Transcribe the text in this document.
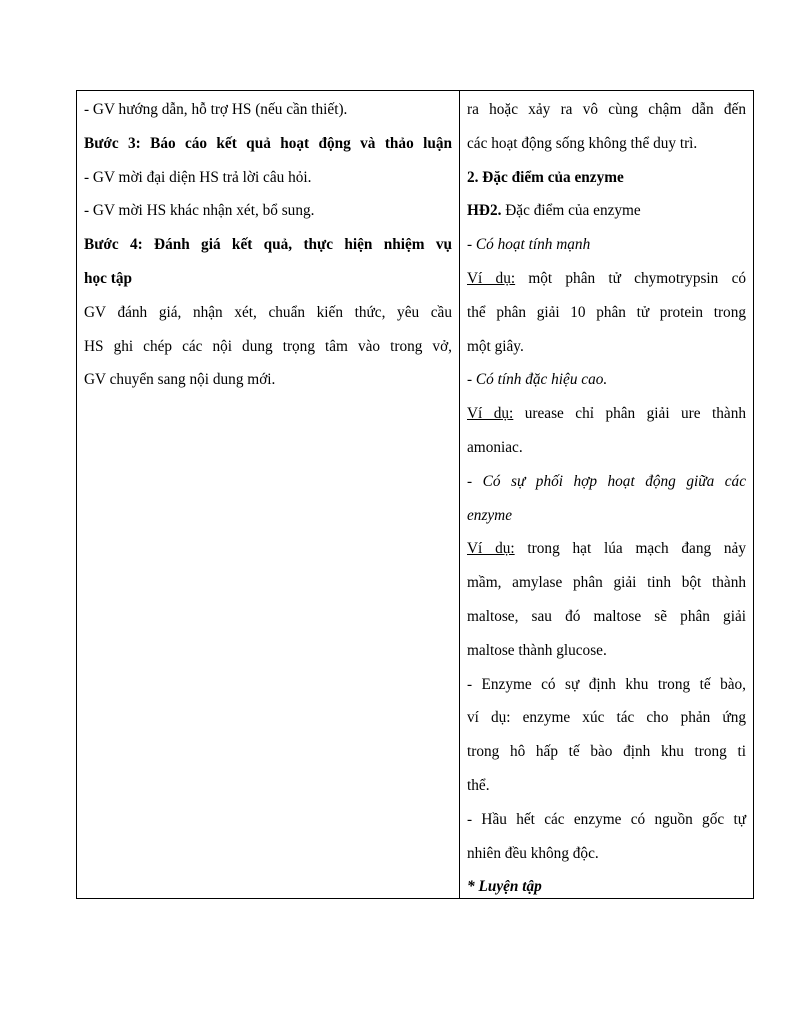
- GV hướng dẫn, hỗ trợ HS (nếu cần thiết).

Bước 3: Báo cáo kết quả hoạt động và thảo luận

- GV mời đại diện HS trả lời câu hỏi.

- GV mời HS khác nhận xét, bổ sung.

Bước 4: Đánh giá kết quả, thực hiện nhiệm vụ

học tập

GV đánh giá, nhận xét, chuẩn kiến thức, yêu cầu

HS ghi chép các nội dung trọng tâm vào trong vở,

GV chuyển sang nội dung mới.

ra hoặc xảy ra vô cùng chậm dẫn đến

các hoạt động sống không thể duy trì.

2. Đặc điểm của enzyme

HĐ2. Đặc điểm của enzyme

- Có hoạt tính mạnh

Ví dụ: một phân tử chymotrypsin có

thể phân giải 10 phân tử protein trong

một giây.

- Có tính đặc hiệu cao.

Ví dụ: urease chỉ phân giải ure thành

amoniac.

- Có sự phối hợp hoạt động giữa các

enzyme

Ví dụ: trong hạt lúa mạch đang nảy

mầm, amylase phân giải tinh bột thành

maltose, sau đó maltose sẽ phân giải

maltose thành glucose.

- Enzyme có sự định khu trong tế bào,

ví dụ: enzyme xúc tác cho phản ứng

trong hô hấp tế bào định khu trong ti

thể.

- Hầu hết các enzyme có nguồn gốc tự

nhiên đều không độc.

* Luyện tập
